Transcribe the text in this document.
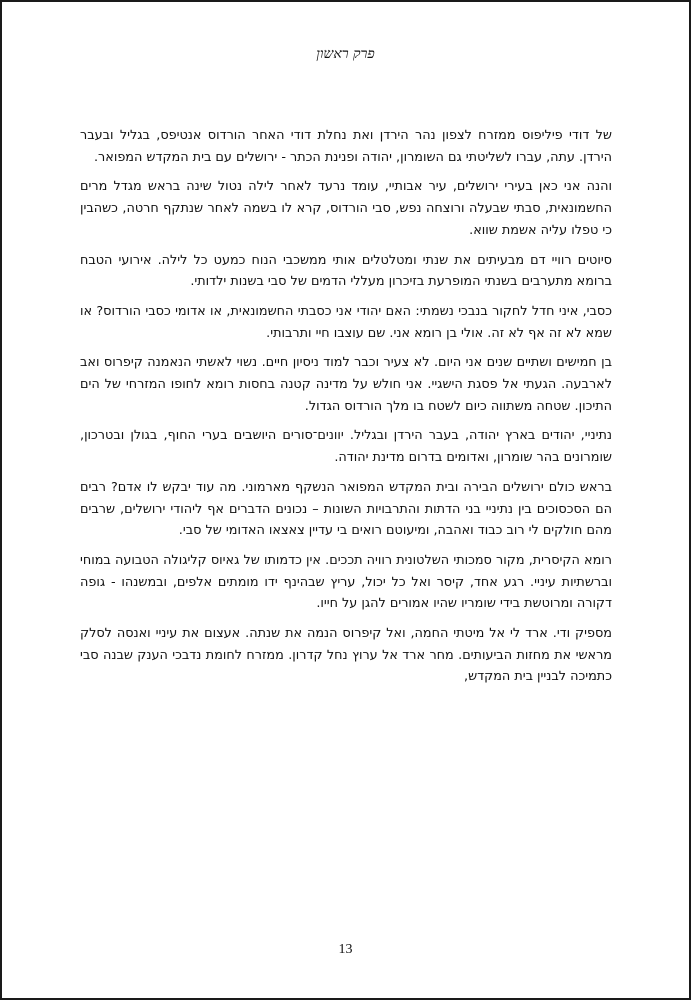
פרק ראשון

של דודי פיליפוס ממזרח לצפון נהר הירדן ואת נחלת דודי האחר הורדוס אנטיפס, בגליל ובעבר הירדן. עתה, עברו לשליטתי גם השומרון, יהודה ופנינת הכתר - ירושלים עם בית המקדש המפואר.

והנה אני כאן בעירי ירושלים, עיר אבותיי, עומד נרעד לאחר לילה נטול שינה בראש מגדל מרים החשמונאית, סבתי שבעלה ורוצחה נפש, סבי הורדוס, קרא לו בשמה לאחר שנתקף חרטה, כשהבין כי טפלו עליה אשמת שווא.

סיוטים רוויי דם מבעיתים את שנתי ומטלטלים אותי ממשכבי הנוח כמעט כל לילה. אירועי הטבח ברומא מתערבים בשנתי המופרעת בזיכרון מעללי הדמים של סבי בשנות ילדותי.

כסבי, איני חדל לחקור בנבכי נשמתי: האם יהודי אני כסבתי החשמונאית, או אדומי כסבי הורדוס? או שמא לא זה אף לא זה. אולי בן רומא אני. שם עוצבו חיי ותרבותי.

בן חמישים ושתיים שנים אני היום. לא צעיר וכבר למוד ניסיון חיים. נשוי לאשתי הנאמנה קיפרוס ואב לארבעה. הגעתי אל פסגת הישגיי. אני חולש על מדינה קטנה בחסות רומא לחופו המזרחי של הים התיכון. שטחה משתווה כיום לשטח בו מלך הורדוס הגדול.

נתיניי, יהודים בארץ יהודה, בעבר הירדן ובגליל. יוונים־סורים היושבים בערי החוף, בגולן ובטרכון, שומרונים בהר שומרון, ואדומים בדרום מדינת יהודה.

בראש כולם ירושלים הבירה ובית המקדש המפואר הנשקף מארמוני. מה עוד יבקש לו אדם? רבים הם הסכסוכים בין נתיניי בני הדתות והתרבויות השונות – נכונים הדברים אף ליהודי ירושלים, שרבים מהם חולקים לי רוב כבוד ואהבה, ומיעוטם רואים בי עדיין צאצאו האדומי של סבי.

רומא הקיסרית, מקור סמכותי השלטונית רוויה תככים. אין כדמותו של גאיוס קליגולה הטבועה במוחי וברשתיות עיניי. רגע אחד, קיסר ואל כל יכול, עריץ שבהינף ידו מומתים אלפים, ובמשנהו - גופה דקורה ומרוטשת בידי שומריו שהיו אמורים להגן על חייו.

מספיק ודי. ארד לי אל מיטתי החמה, ואל קיפרוס הנמה את שנתה. אעצום את עיניי ואנסה לסלק מראשי את מחזות הביעותים. מחר ארד אל ערוץ נחל קדרון. ממזרח לחומת נדבכי הענק שבנה סבי כתמיכה לבניין בית המקדש,

13
